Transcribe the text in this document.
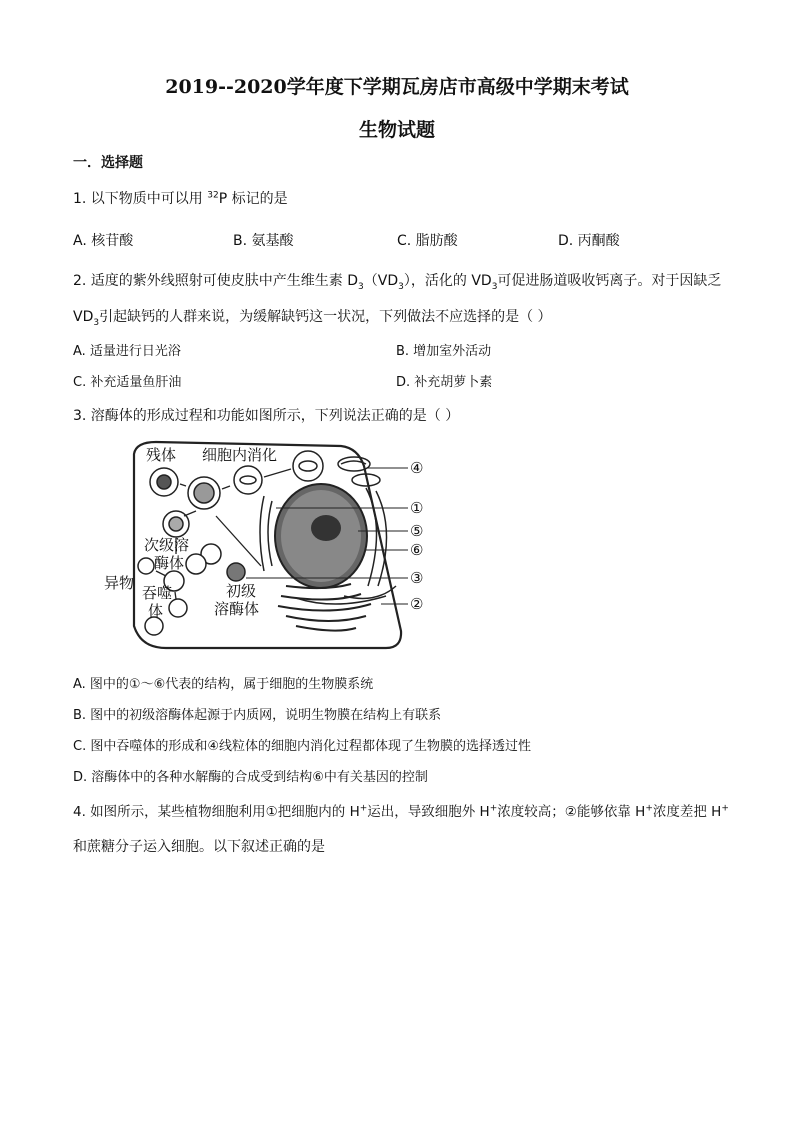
2019--2020学年度下学期瓦房店市高级中学期末考试
生物试题
一．选择题
1. 以下物质中可以用 $^{32}$P 标记的是
A. 核苷酸	B. 氨基酸	C. 脂肪酸	D. 丙酮酸
2. 适度的紫外线照射可使皮肤中产生维生素 $D_3(VD_3)$，活化的 $VD_3$可促进肠道吸收钙离子。对于因缺乏
$VD_3$引起缺钙的人群来说，为缓解缺钙这一状况，下列做法不应选择的是（ ）
A. 适量进行日光浴	B. 增加室外活动
C. 补充适量鱼肝油	D. 补充胡萝卜素
3. 溶酶体的形成过程和功能如图所示，下列说法正确的是（ ）
残体 细胞内消化
次级溶
酶体
异物
吞噬
体
初级
溶酶体
④
①
⑤
⑥
③
②
A. 图中的①～⑥代表的结构，属于细胞的生物膜系统
B. 图中的初级溶酶体起源于内质网，说明生物膜在结构上有联系
C. 图中吞噬体的形成和④线粒体的细胞内消化过程都体现了生物膜的选择透过性
D. 溶酶体中的各种水解酶的合成受到结构⑥中有关基因的控制
4. 如图所示，某些植物细胞利用①把细胞内的 H+运出，导致细胞外 H+浓度较高；②能够依靠 H+浓度差把 H+
和蔗糖分子运入细胞。以下叙述正确的是
